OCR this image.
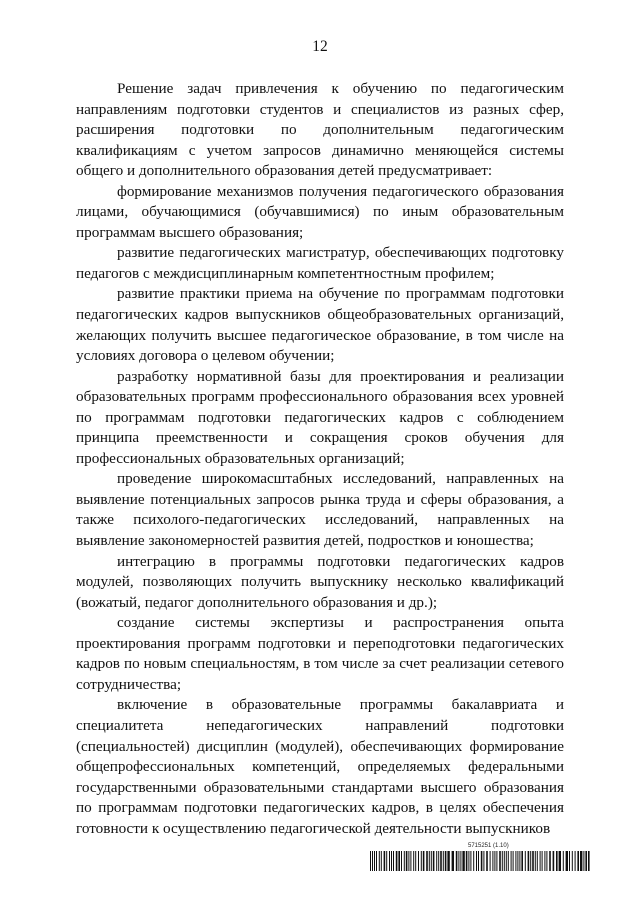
12

Решение задач привлечения к обучению по педагогическим направлениям подготовки студентов и специалистов из разных сфер, расширения подготовки по дополнительным педагогическим квалификациям с учетом запросов динамично меняющейся системы общего и дополнительного образования детей предусматривает:

формирование механизмов получения педагогического образования лицами, обучающимися (обучавшимися) по иным образовательным программам высшего образования;

развитие педагогических магистратур, обеспечивающих подготовку педагогов с междисциплинарным компетентностным профилем;

развитие практики приема на обучение по программам подготовки педагогических кадров выпускников общеобразовательных организаций, желающих получить высшее педагогическое образование, в том числе на условиях договора о целевом обучении;

разработку нормативной базы для проектирования и реализации образовательных программ профессионального образования всех уровней по программам подготовки педагогических кадров с соблюдением принципа преемственности и сокращения сроков обучения для профессиональных образовательных организаций;

проведение широкомасштабных исследований, направленных на выявление потенциальных запросов рынка труда и сферы образования, а также психолого-педагогических исследований, направленных на выявление закономерностей развития детей, подростков и юношества;

интеграцию в программы подготовки педагогических кадров модулей, позволяющих получить выпускнику несколько квалификаций (вожатый, педагог дополнительного образования и др.);

создание системы экспертизы и распространения опыта проектирования программ подготовки и переподготовки педагогических кадров по новым специальностям, в том числе за счет реализации сетевого сотрудничества;

включение в образовательные программы бакалавриата и специалитета непедагогических направлений подготовки (специальностей) дисциплин (модулей), обеспечивающих формирование общепрофессиональных компетенций, определяемых федеральными государственными образовательными стандартами высшего образования по программам подготовки педагогических кадров, в целях обеспечения готовности к осуществлению педагогической деятельности выпускников

5715251 (1.10)
